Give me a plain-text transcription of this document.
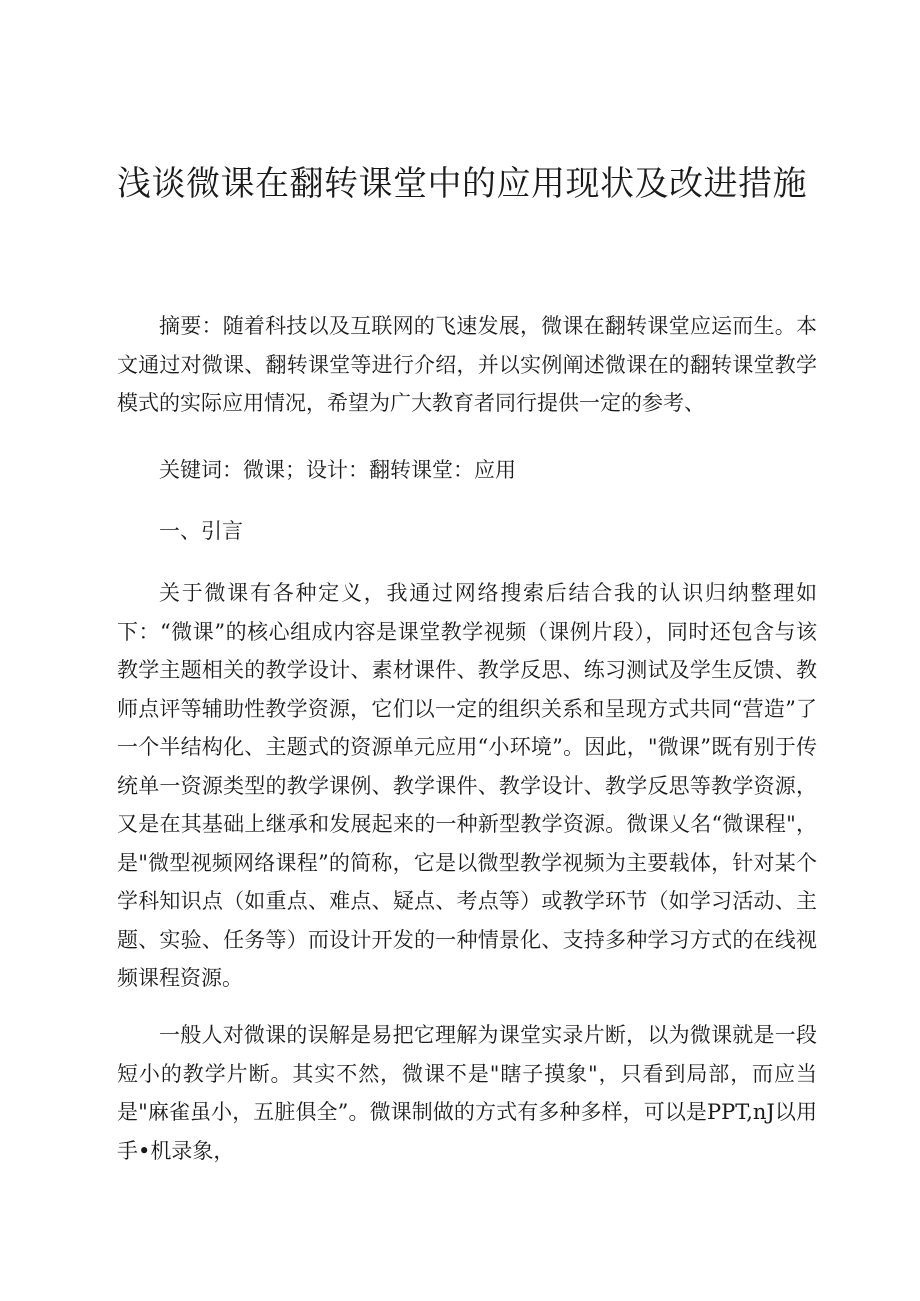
浅谈微课在翻转课堂中的应用现状及改进措施

摘要：随着科技以及互联网的飞速发展，微课在翻转课堂应运而生。本文通过对微课、翻转课堂等进行介绍，并以实例阐述微课在的翻转课堂教学模式的实际应用情况，希望为广大教育者同行提供一定的参考、

关键词：微课；设计：翻转课堂：应用

一、引言

关于微课有各种定义，我通过网络搜索后结合我的认识归纳整理如下：“微课”的核心组成内容是课堂教学视频（课例片段），同时还包含与该教学主题相关的教学设计、素材课件、教学反思、练习测试及学生反馈、教师点评等辅助性教学资源，它们以一定的组织关系和呈现方式共同“营造”了一个半结构化、主题式的资源单元应用“小环境”。因此，"微课”既有别于传统单一资源类型的教学课例、教学课件、教学设计、教学反思等教学资源，又是在其基础上继承和发展起来的一种新型教学资源。微课乂名“微课程"，是"微型视频网络课程”的简称，它是以微型教学视频为主要载体，针对某个学科知识点（如重点、难点、疑点、考点等）或教学环节（如学习活动、主题、实验、任务等）而设计开发的一种情景化、支持多种学习方式的在线视频课程资源。

一般人对微课的误解是易把它理解为课堂实录片断，以为微课就是一段短小的教学片断。其实不然，微课不是"瞎子摸象"，只看到局部，而应当是"麻雀虽小，五脏俱全”。微课制做的方式有多种多样，可以是PPT,nJ以用手•机录象，
